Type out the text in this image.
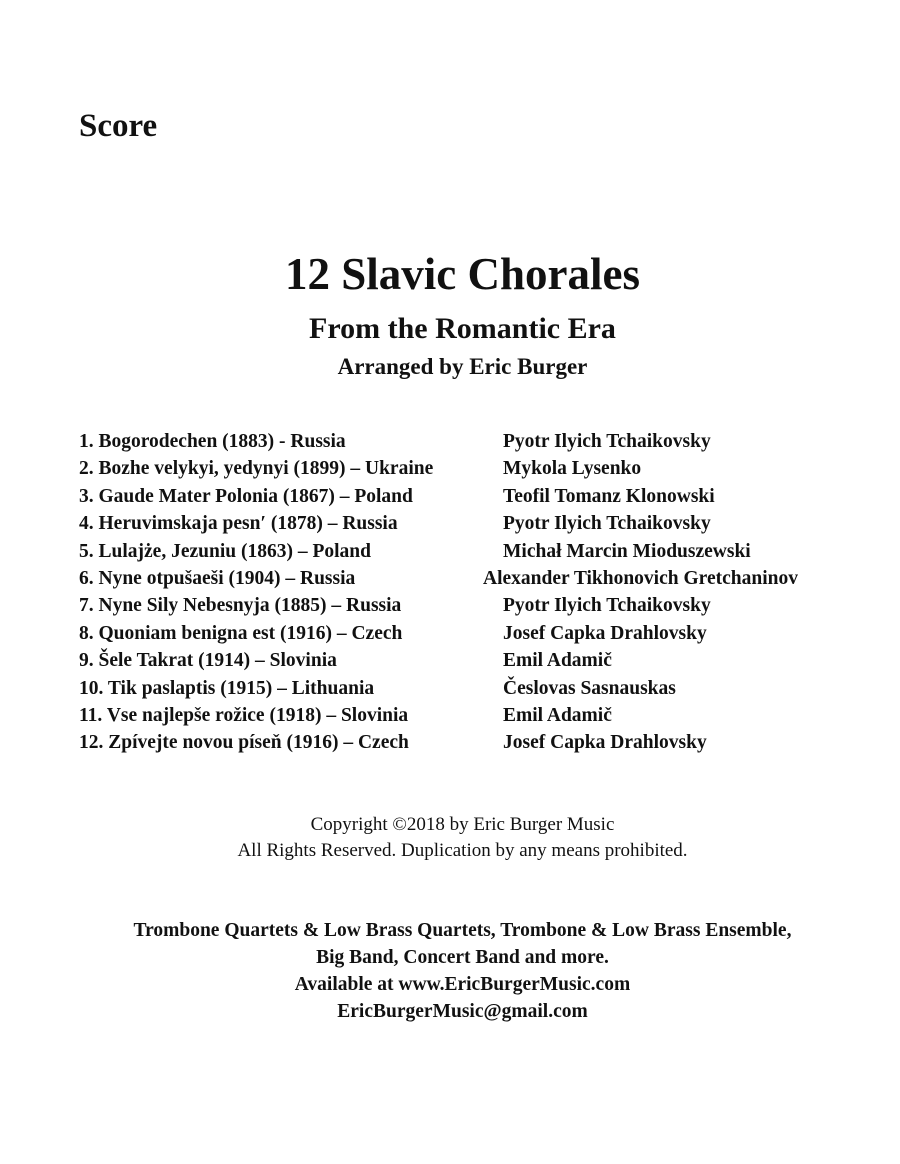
Score
12 Slavic Chorales
From the Romantic Era
Arranged by Eric Burger
1. Bogorodechen (1883) - Russia	Pyotr Ilyich Tchaikovsky
2. Bozhe velykyi, yedynyi (1899) – Ukraine	Mykola Lysenko
3. Gaude Mater Polonia (1867) – Poland	Teofil Tomanz Klonowski
4. Heruvimskaja pesn′ (1878) – Russia	Pyotr Ilyich Tchaikovsky
5. Lulajże, Jezuniu (1863) – Poland	Michał Marcin Mioduszewski
6. Nyne otpušaeši (1904) – Russia	Alexander Tikhonovich Gretchaninov
7. Nyne Sily Nebesnyja (1885) – Russia	Pyotr Ilyich Tchaikovsky
8. Quoniam benigna est (1916) – Czech	Josef Capka Drahlovsky
9. Šele Takrat (1914) – Slovinia	Emil Adamič
10. Tik paslaptis (1915) – Lithuania	Česlovas Sasnauskas
11. Vse najlepše rožice (1918) – Slovinia	Emil Adamič
12. Zpívejte novou píseň (1916) – Czech	Josef Capka Drahlovsky

Copyright ©2018 by Eric Burger Music
All Rights Reserved. Duplication by any means prohibited.

Trombone Quartets & Low Brass Quartets, Trombone & Low Brass Ensemble,
Big Band, Concert Band and more.
Available at www.EricBurgerMusic.com
EricBurgerMusic@gmail.com
